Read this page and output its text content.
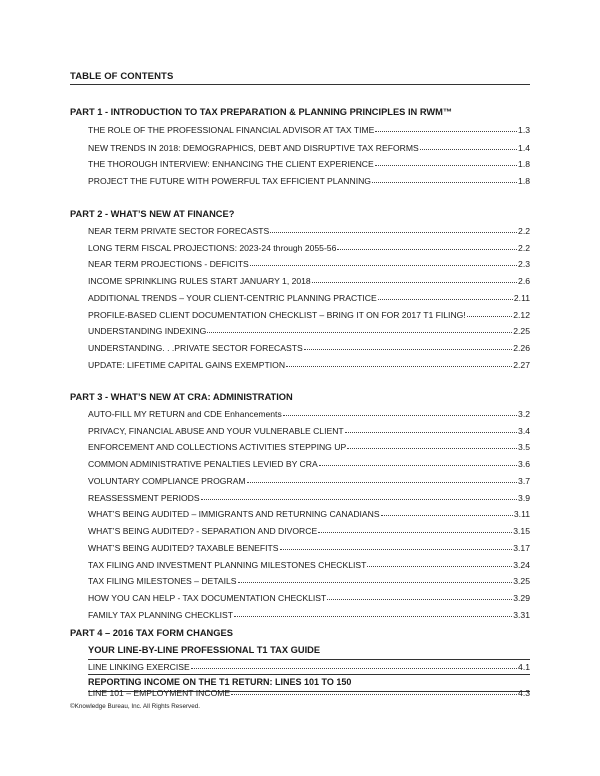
TABLE OF CONTENTS
PART 1 - INTRODUCTION TO TAX PREPARATION & PLANNING PRINCIPLES IN RWM™
THE ROLE OF THE PROFESSIONAL FINANCIAL ADVISOR AT TAX TIME	1.3
NEW TRENDS IN 2018: DEMOGRAPHICS, DEBT AND DISRUPTIVE TAX REFORMS	1.4
THE THOROUGH INTERVIEW: ENHANCING THE CLIENT EXPERIENCE	1.8
PROJECT THE FUTURE WITH POWERFUL TAX EFFICIENT PLANNING	1.8
PART 2 - WHAT’S NEW AT FINANCE?
NEAR TERM PRIVATE SECTOR FORECASTS	2.2
LONG TERM FISCAL PROJECTIONS: 2023-24 through 2055-56	2.2
NEAR TERM PROJECTIONS - DEFICITS	2.3
INCOME SPRINKLING RULES START JANUARY 1, 2018	2.6
ADDITIONAL TRENDS – YOUR CLIENT-CENTRIC PLANNING PRACTICE	2.11
PROFILE-BASED CLIENT DOCUMENTATION CHECKLIST – BRING IT ON FOR 2017 T1 FILING!	2.12
UNDERSTANDING INDEXING	2.25
UNDERSTANDING. . .PRIVATE SECTOR FORECASTS	2.26
UPDATE: LIFETIME CAPITAL GAINS EXEMPTION	2.27
PART 3 - WHAT’S NEW AT CRA: ADMINISTRATION
AUTO-FILL MY RETURN and CDE Enhancements	3.2
PRIVACY, FINANCIAL ABUSE AND YOUR VULNERABLE CLIENT	3.4
ENFORCEMENT AND COLLECTIONS ACTIVITIES STEPPING UP	3.5
COMMON ADMINISTRATIVE PENALTIES LEVIED BY CRA	3.6
VOLUNTARY COMPLIANCE PROGRAM	3.7
REASSESSMENT PERIODS	3.9
WHAT’S BEING AUDITED – IMMIGRANTS AND RETURNING CANADIANS	3.11
WHAT’S BEING AUDITED? - SEPARATION AND DIVORCE	3.15
WHAT’S BEING AUDITED? TAXABLE BENEFITS	3.17
TAX FILING AND INVESTMENT PLANNING MILESTONES CHECKLIST	3.24
TAX FILING MILESTONES – DETAILS	3.25
HOW YOU CAN HELP - TAX DOCUMENTATION CHECKLIST	3.29
FAMILY TAX PLANNING CHECKLIST	3.31
PART 4 – 2016 TAX FORM CHANGES
YOUR LINE-BY-LINE PROFESSIONAL T1 TAX GUIDE
LINE LINKING EXERCISE	4.1
REPORTING INCOME ON THE T1 RETURN: LINES 101 TO 150
LINE 101 – EMPLOYMENT INCOME	4.3
©Knowledge Bureau, Inc. All Rights Reserved.
